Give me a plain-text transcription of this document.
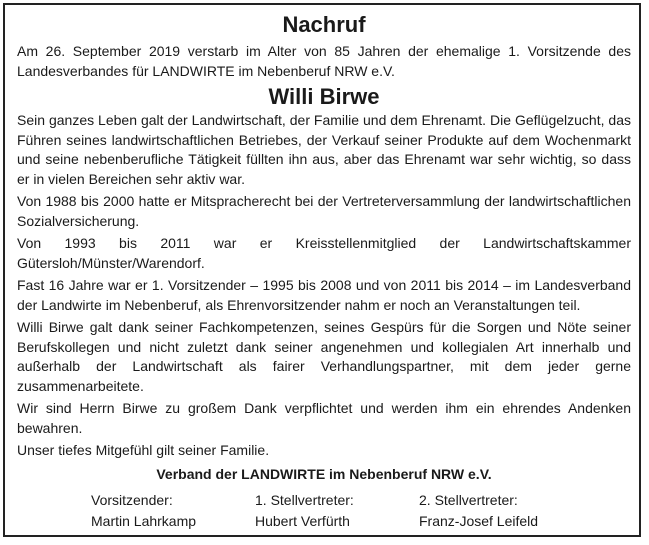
Nachruf

Am 26. September 2019 verstarb im Alter von 85 Jahren der ehemalige 1. Vorsitzende des Landesverbandes für LANDWIRTE im Nebenberuf NRW e.V.

Willi Birwe

Sein ganzes Leben galt der Landwirtschaft, der Familie und dem Ehrenamt. Die Geflügelzucht, das Führen seines landwirtschaftlichen Betriebes, der Verkauf seiner Produkte auf dem Wochenmarkt und seine nebenberufliche Tätigkeit füllten ihn aus, aber das Ehrenamt war sehr wichtig, so dass er in vielen Bereichen sehr aktiv war.

Von 1988 bis 2000 hatte er Mitspracherecht bei der Vertreterversammlung der landwirtschaftlichen Sozialversicherung.

Von 1993 bis 2011 war er Kreisstellenmitglied der Landwirtschaftskammer Gütersloh/Münster/Warendorf.

Fast 16 Jahre war er 1. Vorsitzender – 1995 bis 2008 und von 2011 bis 2014 – im Landesverband der Landwirte im Nebenberuf, als Ehrenvorsitzender nahm er noch an Veranstaltungen teil.

Willi Birwe galt dank seiner Fachkompetenzen, seines Gespürs für die Sorgen und Nöte seiner Berufskollegen und nicht zuletzt dank seiner angenehmen und kollegialen Art innerhalb und außerhalb der Landwirtschaft als fairer Verhandlungspartner, mit dem jeder gerne zusammenarbeitete.

Wir sind Herrn Birwe zu großem Dank verpflichtet und werden ihm ein ehrendes Andenken bewahren.

Unser tiefes Mitgefühl gilt seiner Familie.

Verband der LANDWIRTE im Nebenberuf NRW e.V.
Vorsitzender:
Martin Lahrkamp
1. Stellvertreter:
Hubert Verfürth
2. Stellvertreter:
Franz-Josef Leifeld
